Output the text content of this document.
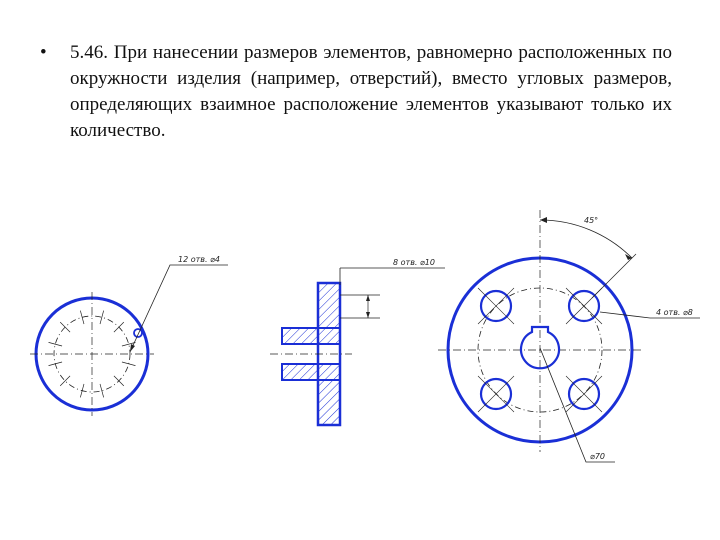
• 5.46. При нанесении размеров элементов, равномерно расположенных по окружности изделия (например, отверстий), вместо угловых размеров, определяющих взаимное расположение элементов указывают только их количество.

12 отв. ⌀4	8 отв. ⌀10
45°
4 отв. ⌀8
⌀70
